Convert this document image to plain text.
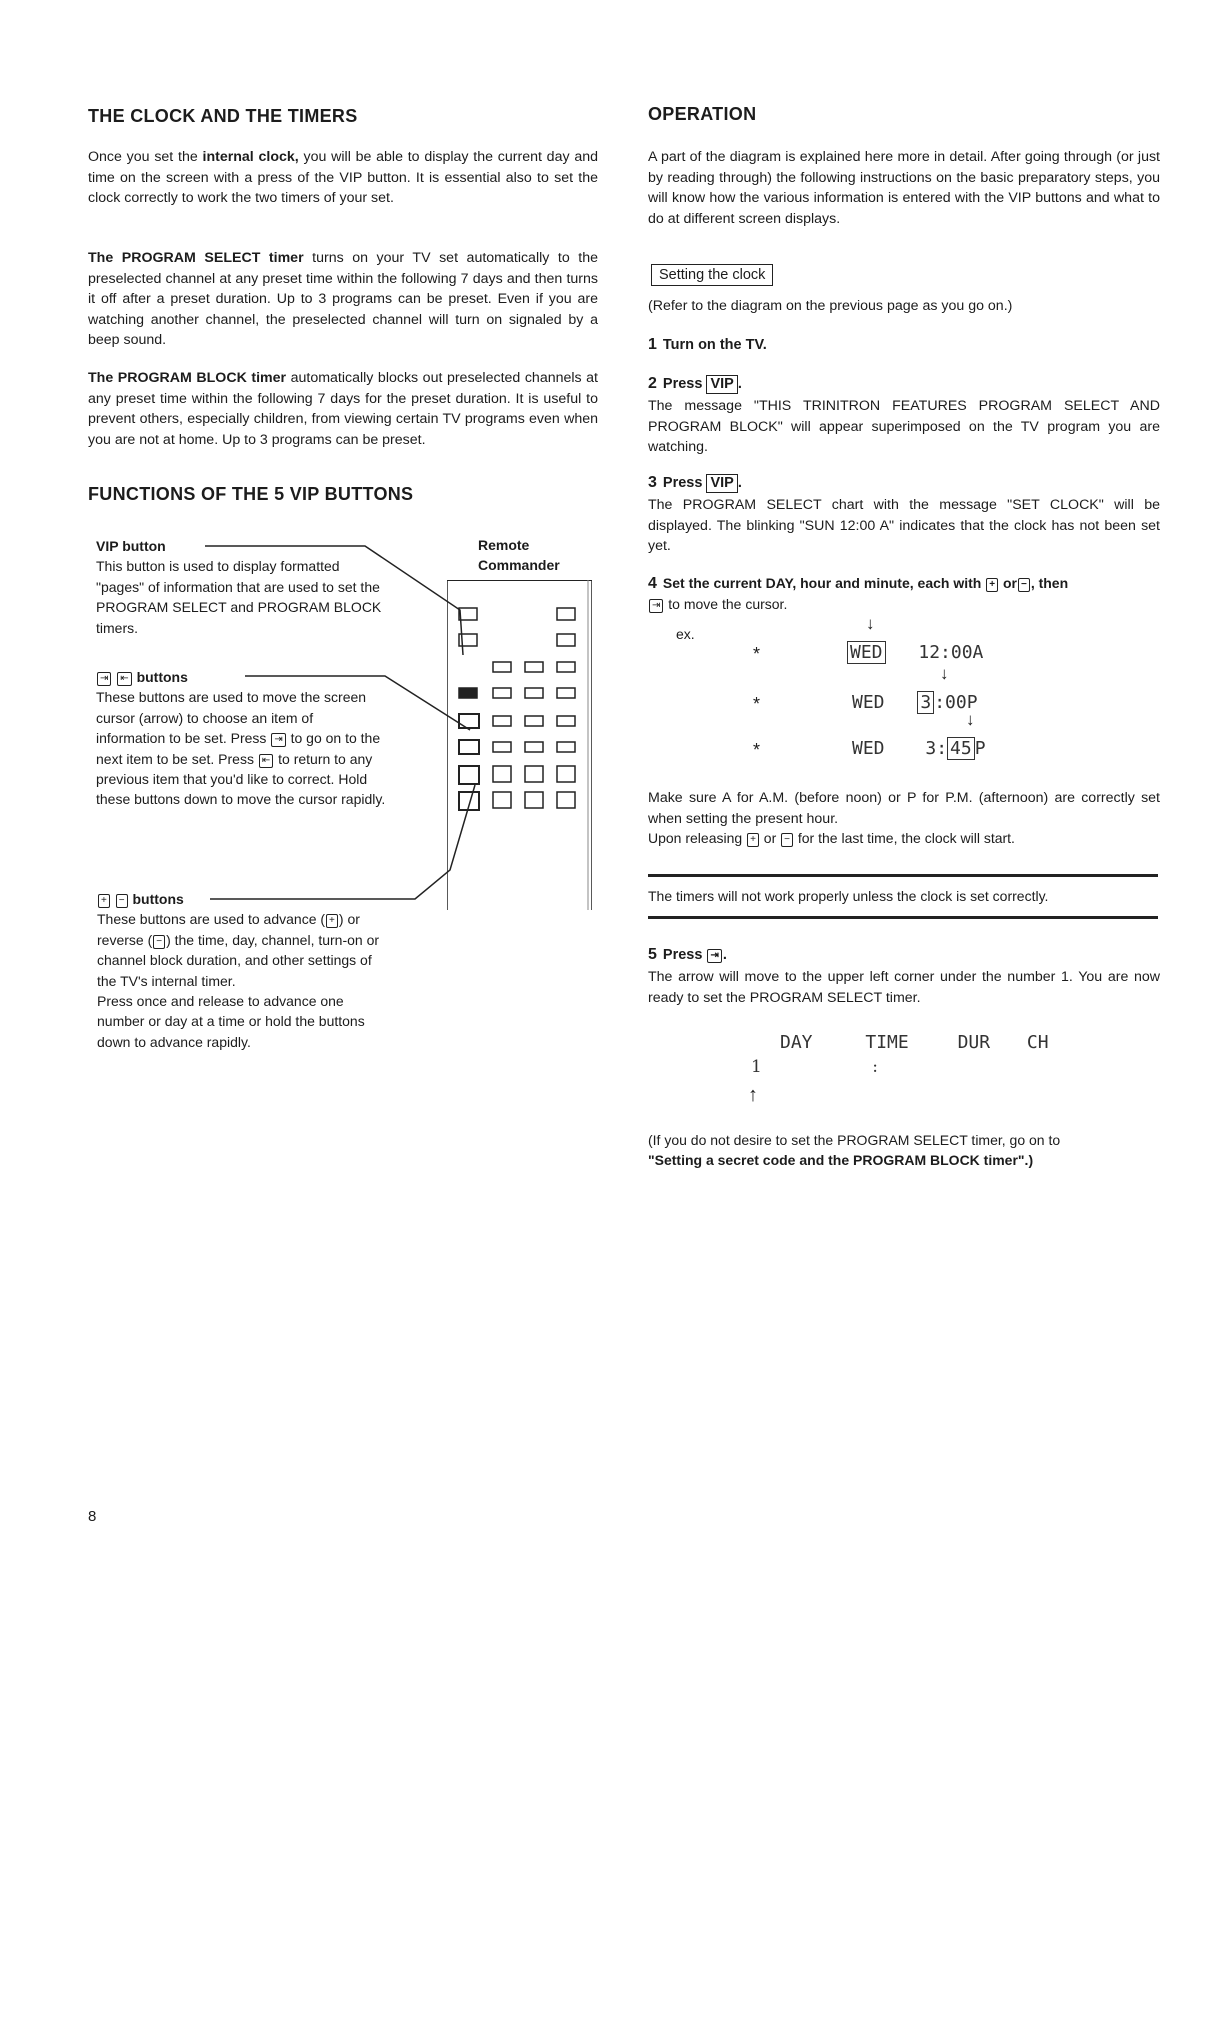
THE CLOCK AND THE TIMERS

Once you set the internal clock, you will be able to display the current day and time on the screen with a press of the VIP button. It is essential also to set the clock correctly to work the two timers of your set.

The PROGRAM SELECT timer turns on your TV set automatically to the preselected channel at any preset time within the following 7 days and then turns it off after a preset duration. Up to 3 programs can be preset. Even if you are watching another channel, the preselected channel will turn on signaled by a beep sound.

The PROGRAM BLOCK timer automatically blocks out preselected channels at any preset time within the following 7 days for the preset duration. It is useful to prevent others, especially children, from viewing certain TV programs even when you are not at home. Up to 3 programs can be preset.

FUNCTIONS OF THE 5 VIP BUTTONS
VIP button
This button is used to display formatted "pages" of information that are used to set the PROGRAM SELECT and PROGRAM BLOCK timers.
⇥ ⇤ buttons
These buttons are used to move the screen cursor (arrow) to choose an item of information to be set. Press ⇥ to go on to the next item to be set. Press ⇤ to return to any previous item that you'd like to correct. Hold these buttons down to move the cursor rapidly.
+ − buttons
These buttons are used to advance ( + ) or reverse ( − ) the time, day, channel, turn-on or channel block duration, and other settings of the TV's internal timer.
Press once and release to advance one number or day at a time or hold the buttons down to advance rapidly.
Remote
Commander
8
OPERATION

A part of the diagram is explained here more in detail. After going through (or just by reading through) the following instructions on the basic preparatory steps, you will know how the various information is entered with the VIP buttons and what to do at different screen displays.

Setting the clock

(Refer to the diagram on the previous page as you go on.)

1 Turn on the TV.
2 Press VIP .

The message "THIS TRINITRON FEATURES PROGRAM SELECT AND PROGRAM BLOCK" will appear superimposed on the TV program you are watching.

3 Press VIP .

The PROGRAM SELECT chart with the message "SET CLOCK" will be displayed. The blinking "SUN 12:00 A" indicates that the clock has not been set yet.

4 Set the current DAY, hour and minute, each with + or − , then
⇥ to move the cursor.
ex.
↓
*	WED 12:00A
↓
*	WED 3 :00P
↓
*	WED 3: 45 P

Make sure A for A.M. (before noon) or P for P.M. (afternoon) are correctly set when setting the present hour.

Upon releasing + or − for the last time, the clock will start.
The timers will not work properly unless the clock is set correctly.
5 Press ⇥ .

The arrow will move to the upper left corner under the number 1. You are now ready to set the PROGRAM SELECT timer.

DAY	TIME	DUR CH
1	:
↑
(If you do not desire to set the PROGRAM SELECT timer, go on to
"Setting a secret code and the PROGRAM BLOCK timer".)
